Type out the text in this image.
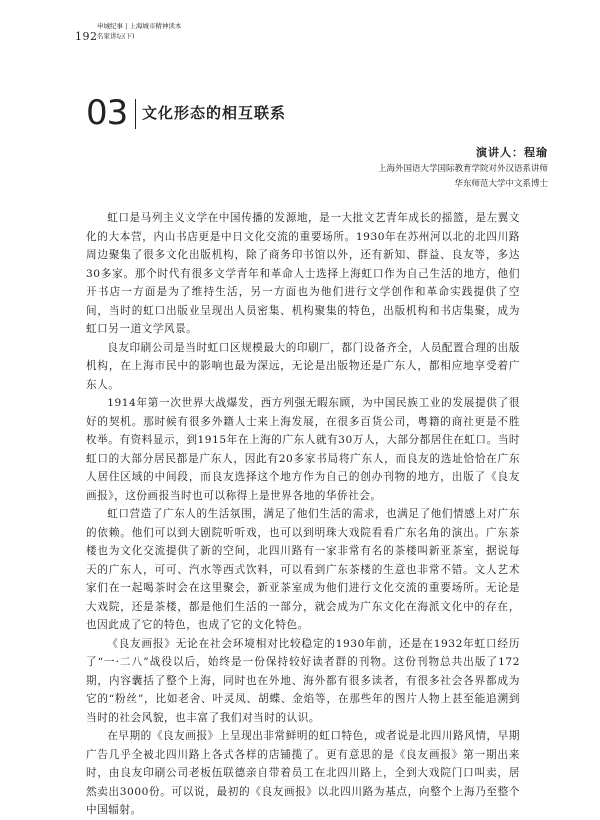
192
申城纪事 | 上海城市精神读本
名家讲坛(下)
03 文化形态的相互联系
演讲人：程瑜
上海外国语大学国际教育学院对外汉语系讲师
华东师范大学中文系博士

虹口是马列主义文学在中国传播的发源地，是一大批文艺青年成长的摇篮，是左翼文化的大本营，内山书店更是中日文化交流的重要场所。1930年在苏州河以北的北四川路周边聚集了很多文化出版机构，除了商务印书馆以外，还有新知、群益、良友等，多达30多家。那个时代有很多文学青年和革命人士选择上海虹口作为自己生活的地方，他们开书店一方面是为了维持生活，另一方面也为他们进行文学创作和革命实践提供了空间，当时的虹口出版业呈现出人员密集、机构聚集的特色，出版机构和书店集聚，成为虹口另一道文学风景。

良友印刷公司是当时虹口区规模最大的印刷厂，都门设备齐全，人员配置合理的出版机构，在上海市民中的影响也最为深远，无论是出版物还是广东人，都相应地享受着广东人。

1914年第一次世界大战爆发，西方列强无暇东顾，为中国民族工业的发展提供了很好的契机。那时候有很多外籍人士来上海发展，在很多百货公司，粤籍的商社更是不胜枚举。有资料显示，到1915年在上海的广东人就有30万人，大部分都居住在虹口。当时虹口的大部分居民都是广东人，因此有20多家书局将广东人，而良友的选址恰恰在广东人居住区域的中间段，而良友选择这个地方作为自己的创办刊物的地方，出版了《良友画报》，这份画报当时也可以称得上是世界各地的华侨社会。

虹口营造了广东人的生活氛围，满足了他们生活的需求，也满足了他们情感上对广东的依赖。他们可以到大剧院听听戏，也可以到明珠大戏院看看广东名角的演出。广东茶楼也为文化交流提供了新的空间，北四川路有一家非常有名的茶楼叫新亚茶室，据说每天的广东人，可可、汽水等西式饮料，可以看到广东茶楼的生意也非常不错。文人艺术家们在一起喝茶时会在这里聚会，新亚茶室成为他们进行文化交流的重要场所。无论是大戏院，还是茶楼，都是他们生活的一部分，就会成为广东文化在海派文化中的存在，也因此成了它的特色，也成了它的文化特色。

《良友画报》无论在社会环境相对比较稳定的1930年前，还是在1932年虹口经历了“一·二八”战役以后，始终是一份保持较好读者群的刊物。这份刊物总共出版了172期，内容囊括了整个上海，同时也在外地、海外都有很多读者，有很多社会各界都成为它的“粉丝”，比如老舍、叶灵凤、胡蝶、金焰等，在那些年的图片人物上甚至能追溯到当时的社会风貌，也丰富了我们对当时的认识。

在早期的《良友画报》上呈现出非常鲜明的虹口特色，或者说是北四川路风情，早期广告几乎全被北四川路上各式各样的店铺揽了。更有意思的是《良友画报》第一期出来时，由良友印刷公司老板伍联德亲自带着员工在北四川路上，全到大戏院门口叫卖，居然卖出3000份。可以说，最初的《良友画报》以北四川路为基点，向整个上海乃至整个中国辐射。
